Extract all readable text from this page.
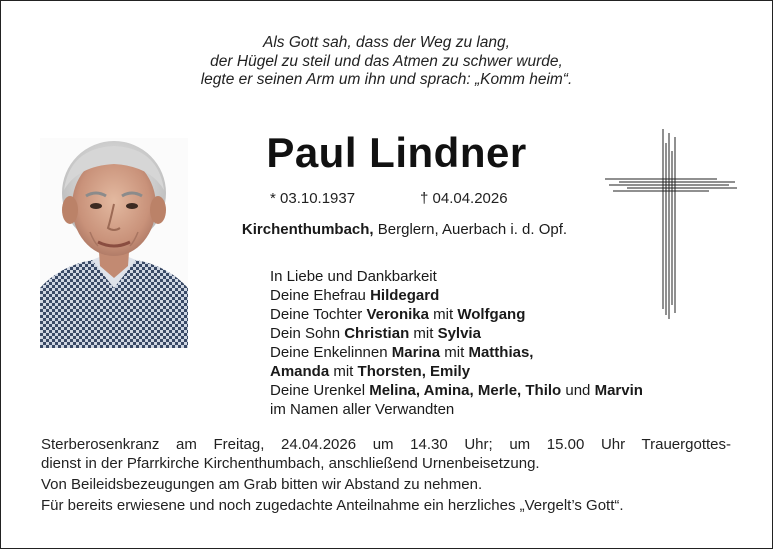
Als Gott sah, dass der Weg zu lang,
der Hügel zu steil und das Atmen zu schwer wurde,
legte er seinen Arm um ihn und sprach: „Komm heim“.
Paul Lindner
* 03.10.1937	† 04.04.2026
Kirchenthumbach, Berglern, Auerbach i. d. Opf.
In Liebe und Dankbarkeit
Deine Ehefrau Hildegard
Deine Tochter Veronika mit Wolfgang
Dein Sohn Christian mit Sylvia
Deine Enkelinnen Marina mit Matthias,
Amanda mit Thorsten, Emily
Deine Urenkel Melina, Amina, Merle, Thilo und Marvin
im Namen aller Verwandten
Sterberosenkranz am Freitag, 24.04.2026 um 14.30 Uhr; um 15.00 Uhr Trauergottes-
dienst in der Pfarrkirche Kirchenthumbach, anschließend Urnenbeisetzung.
Von Beileidsbezeugungen am Grab bitten wir Abstand zu nehmen.
Für bereits erwiesene und noch zugedachte Anteilnahme ein herzliches „Vergelt’s Gott“.
